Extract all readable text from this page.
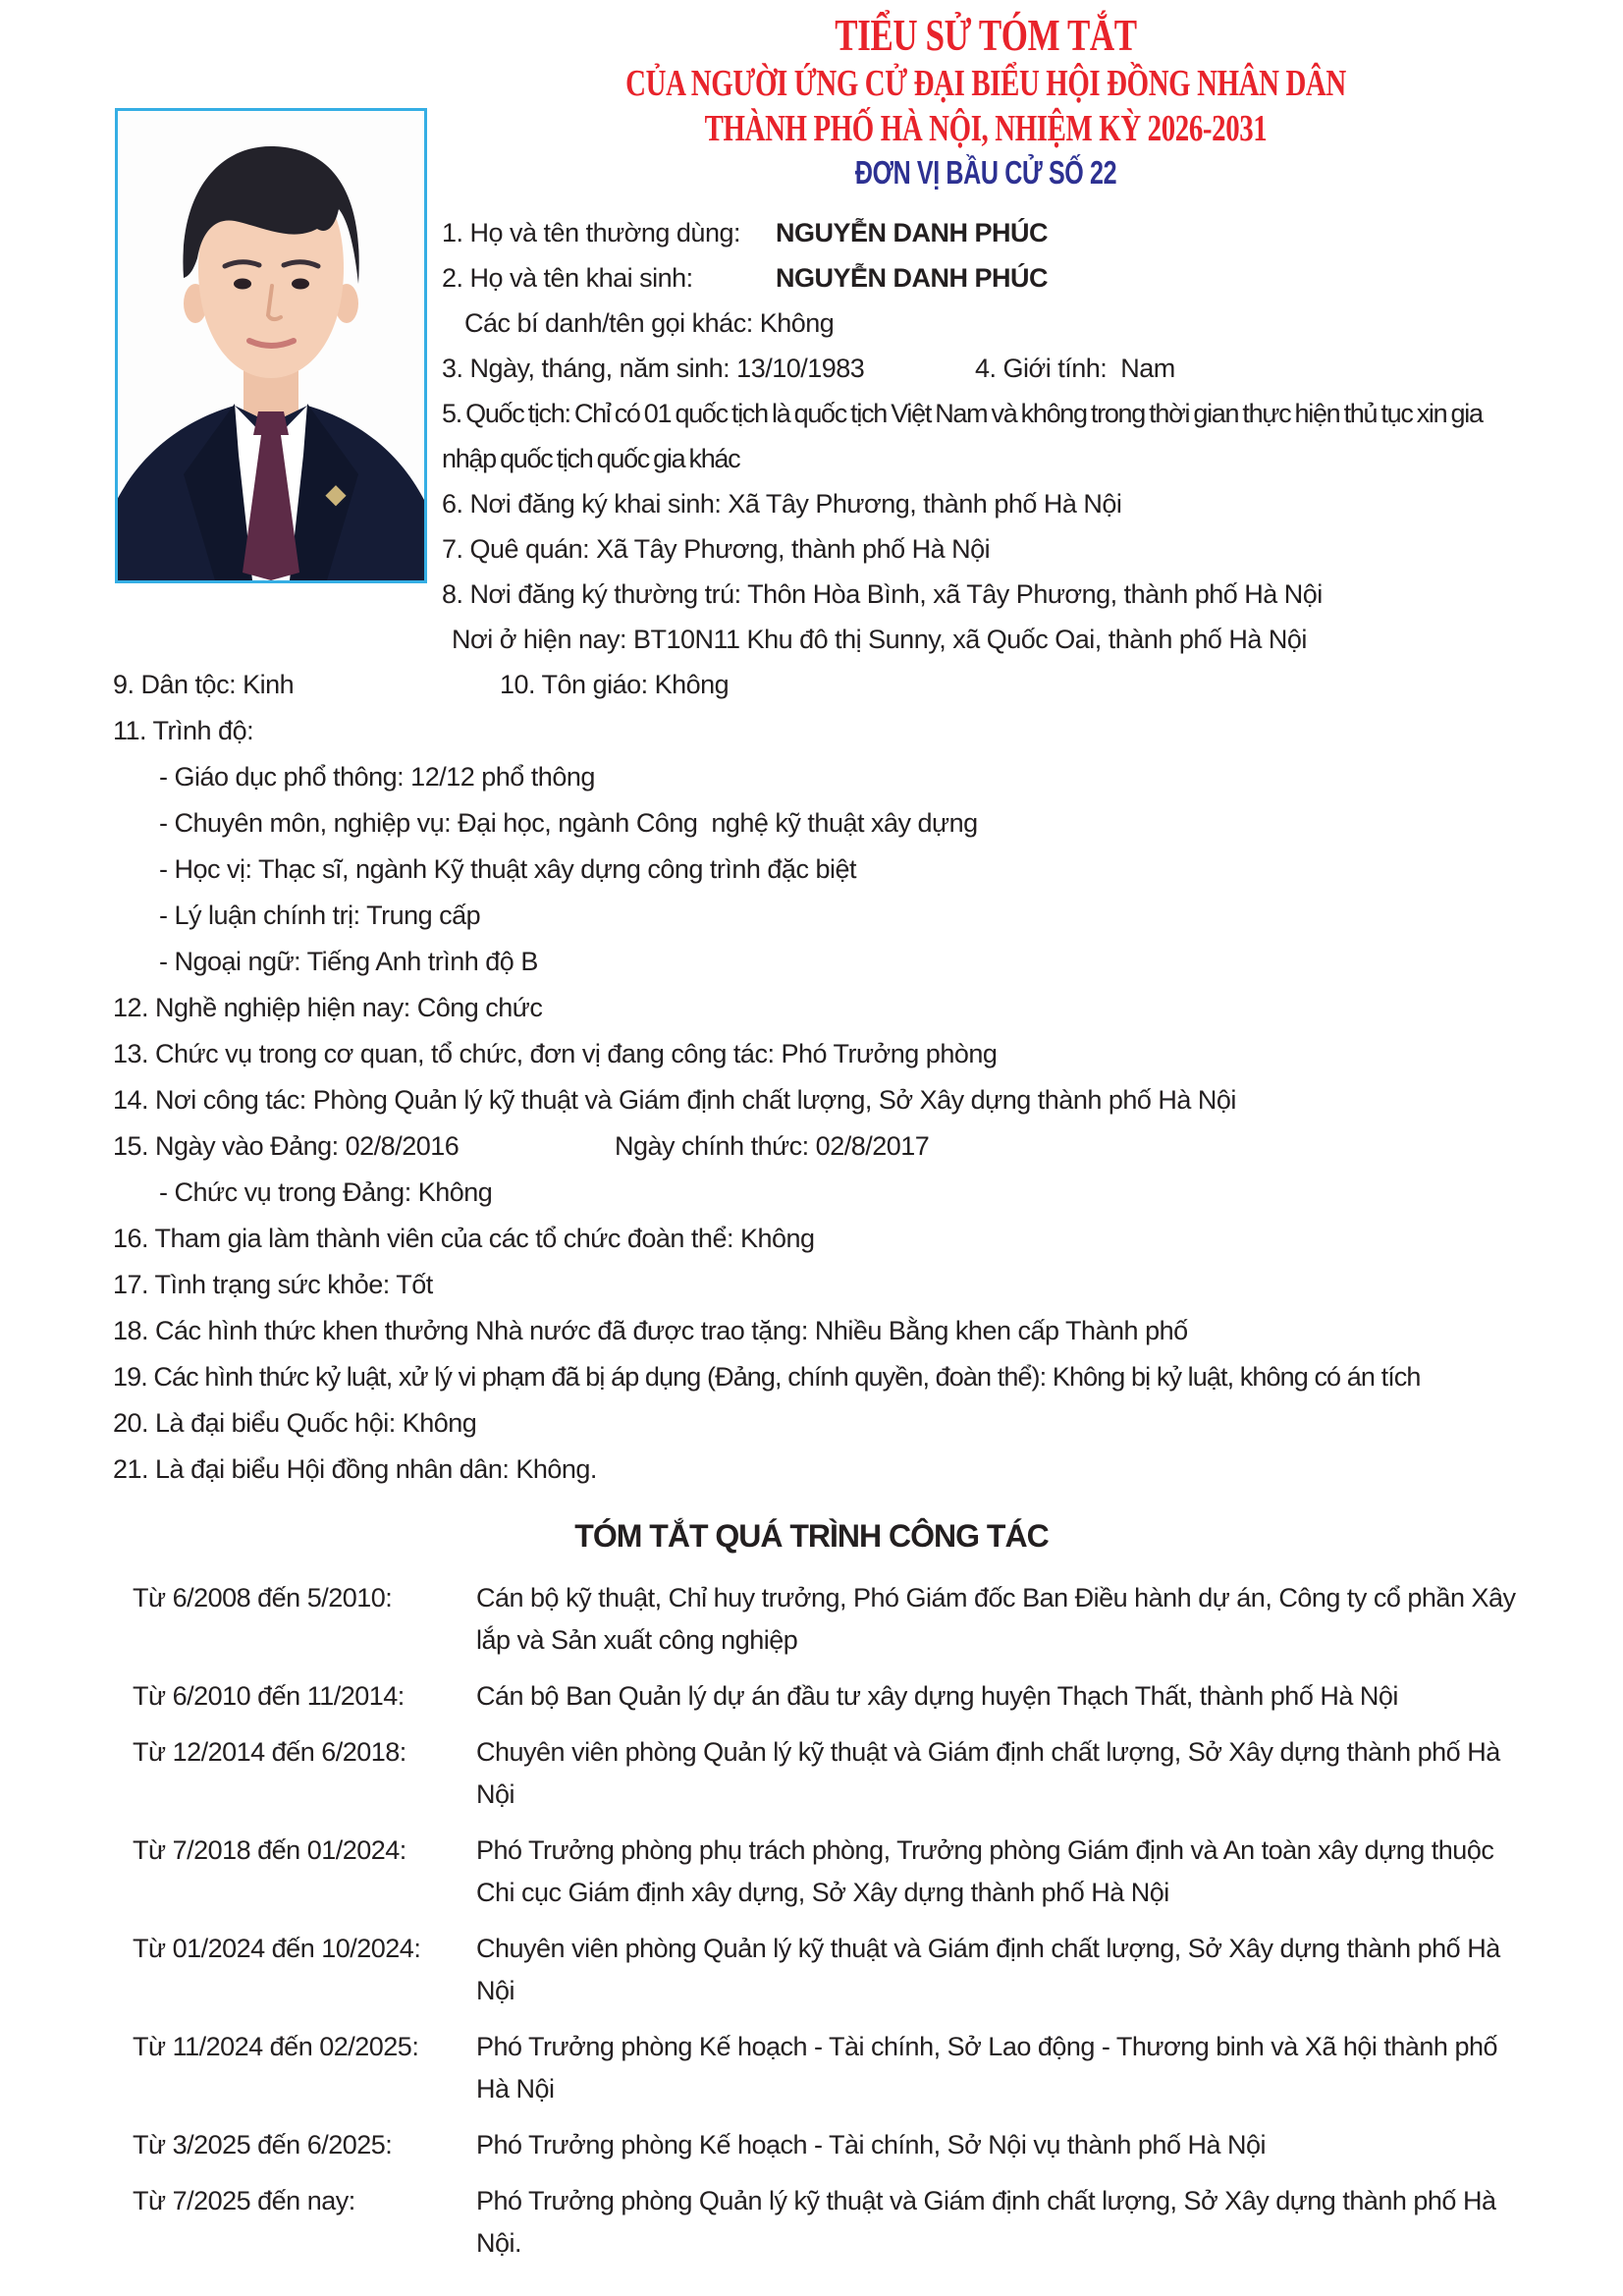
TIỂU SỬ TÓM TẮT
CỦA NGƯỜI ỨNG CỬ ĐẠI BIỂU HỘI ĐỒNG NHÂN DÂN
THÀNH PHỐ HÀ NỘI, NHIỆM KỲ 2026-2031
ĐƠN VỊ BẦU CỬ SỐ 22
1. Họ và tên thường dùng: NGUYỄN DANH PHÚC
2. Họ và tên khai sinh:	NGUYỄN DANH PHÚC
Các bí danh/tên gọi khác: Không
3. Ngày, tháng, năm sinh: 13/10/1983	4. Giới tính:  Nam
5. Quốc tịch: Chỉ có 01 quốc tịch là quốc tịch Việt Nam và không trong thời gian thực hiện thủ tục xin gia nhập quốc tịch quốc gia khác
6. Nơi đăng ký khai sinh: Xã Tây Phương, thành phố Hà Nội
7. Quê quán: Xã Tây Phương, thành phố Hà Nội
8. Nơi đăng ký thường trú: Thôn Hòa Bình, xã Tây Phương, thành phố Hà Nội
Nơi ở hiện nay: BT10N11 Khu đô thị Sunny, xã Quốc Oai, thành phố Hà Nội
9. Dân tộc: Kinh	10. Tôn giáo: Không
11. Trình độ:
- Giáo dục phổ thông: 12/12 phổ thông
- Chuyên môn, nghiệp vụ: Đại học, ngành Công  nghệ kỹ thuật xây dựng
- Học vị: Thạc sĩ, ngành Kỹ thuật xây dựng công trình đặc biệt
- Lý luận chính trị: Trung cấp
- Ngoại ngữ: Tiếng Anh trình độ B
12. Nghề nghiệp hiện nay: Công chức
13. Chức vụ trong cơ quan, tổ chức, đơn vị đang công tác: Phó Trưởng phòng
14. Nơi công tác: Phòng Quản lý kỹ thuật và Giám định chất lượng, Sở Xây dựng thành phố Hà Nội
15. Ngày vào Đảng: 02/8/2016	Ngày chính thức: 02/8/2017
- Chức vụ trong Đảng: Không
16. Tham gia làm thành viên của các tổ chức đoàn thể: Không
17. Tình trạng sức khỏe: Tốt
18. Các hình thức khen thưởng Nhà nước đã được trao tặng: Nhiều Bằng khen cấp Thành phố
19. Các hình thức kỷ luật, xử lý vi phạm đã bị áp dụng (Đảng, chính quyền, đoàn thể): Không bị kỷ luật, không có án tích
20. Là đại biểu Quốc hội: Không
21. Là đại biểu Hội đồng nhân dân: Không.
TÓM TẮT QUÁ TRÌNH CÔNG TÁC
Từ 6/2008 đến 5/2010:	Cán bộ kỹ thuật, Chỉ huy trưởng, Phó Giám đốc Ban Điều hành dự án, Công ty cổ phần Xây lắp và Sản xuất công nghiệp
Từ 6/2010 đến 11/2014:	Cán bộ Ban Quản lý dự án đầu tư xây dựng huyện Thạch Thất, thành phố Hà Nội
Từ 12/2014 đến 6/2018:	Chuyên viên phòng Quản lý kỹ thuật và Giám định chất lượng, Sở Xây dựng thành phố Hà Nội
Từ 7/2018 đến 01/2024:	Phó Trưởng phòng phụ trách phòng, Trưởng phòng Giám định và An toàn xây dựng thuộc Chi cục Giám định xây dựng, Sở Xây dựng thành phố Hà Nội
Từ 01/2024 đến 10/2024:	Chuyên viên phòng Quản lý kỹ thuật và Giám định chất lượng, Sở Xây dựng thành phố Hà Nội
Từ 11/2024 đến 02/2025:	Phó Trưởng phòng Kế hoạch - Tài chính, Sở Lao động - Thương binh và Xã hội thành phố Hà Nội
Từ 3/2025 đến 6/2025:	Phó Trưởng phòng Kế hoạch - Tài chính, Sở Nội vụ thành phố Hà Nội
Từ 7/2025 đến nay:	Phó Trưởng phòng Quản lý kỹ thuật và Giám định chất lượng, Sở Xây dựng thành phố Hà Nội.
